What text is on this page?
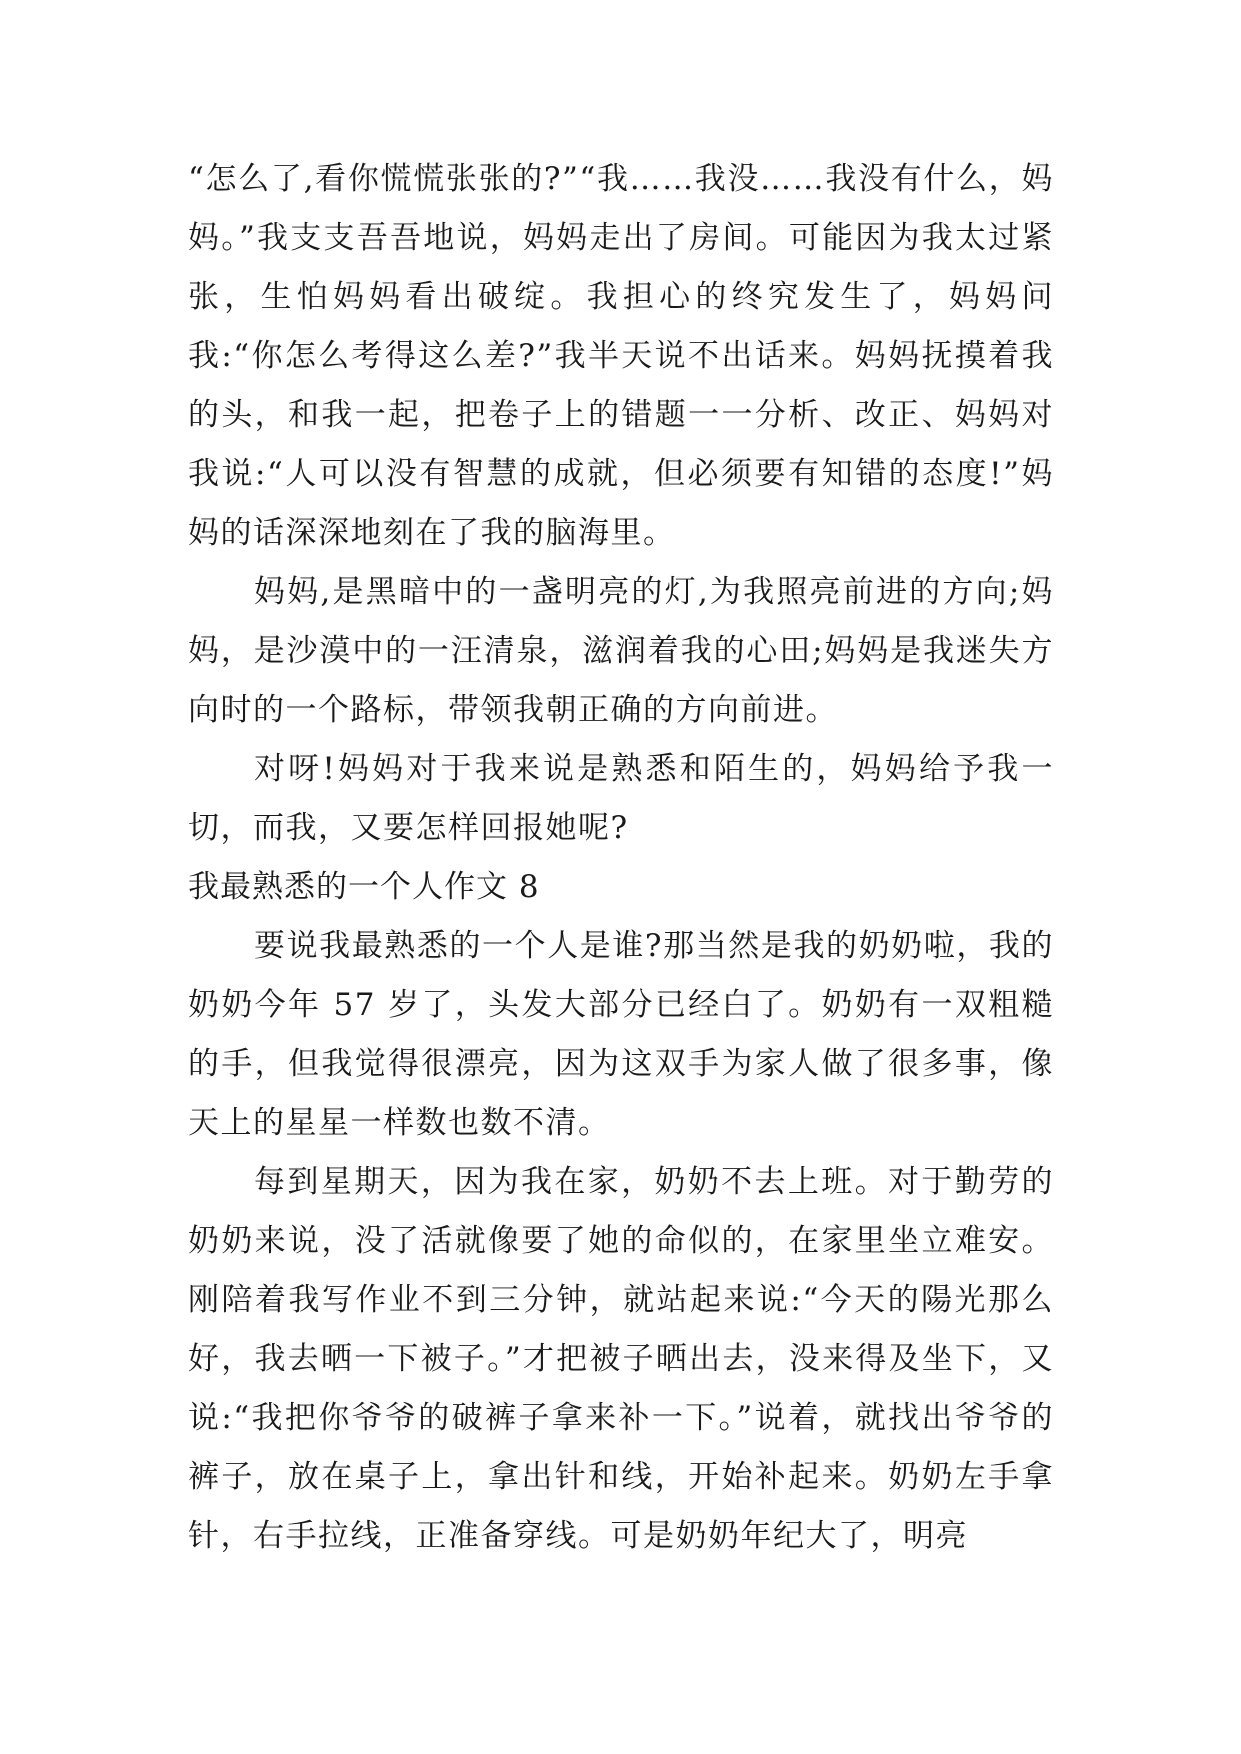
“怎么了,看你慌慌张张的?”“我……我没……我没有什么，妈妈。”我支支吾吾地说，妈妈走出了房间。可能因为我太过紧张，生怕妈妈看出破绽。我担心的终究发生了，妈妈问我:“你怎么考得这么差?”我半天说不出话来。妈妈抚摸着我的头，和我一起，把卷子上的错题一一分析、改正、妈妈对我说:“人可以没有智慧的成就，但必须要有知错的态度!”妈妈的话深深地刻在了我的脑海里。

妈妈,是黑暗中的一盏明亮的灯,为我照亮前进的方向;妈妈，是沙漠中的一汪清泉，滋润着我的心田;妈妈是我迷失方向时的一个路标，带领我朝正确的方向前进。

对呀!妈妈对于我来说是熟悉和陌生的，妈妈给予我一切，而我，又要怎样回报她呢?

我最熟悉的一个人作文 8

要说我最熟悉的一个人是谁?那当然是我的奶奶啦，我的奶奶今年 57 岁了，头发大部分已经白了。奶奶有一双粗糙的手，但我觉得很漂亮，因为这双手为家人做了很多事，像天上的星星一样数也数不清。

每到星期天，因为我在家，奶奶不去上班。对于勤劳的奶奶来说，没了活就像要了她的命似的，在家里坐立难安。刚陪着我写作业不到三分钟，就站起来说:“今天的陽光那么好，我去晒一下被子。”才把被子晒出去，没来得及坐下，又说:“我把你爷爷的破裤子拿来补一下。”说着，就找出爷爷的裤子，放在桌子上，拿出针和线，开始补起来。奶奶左手拿针，右手拉线，正准备穿线。可是奶奶年纪大了，明亮
